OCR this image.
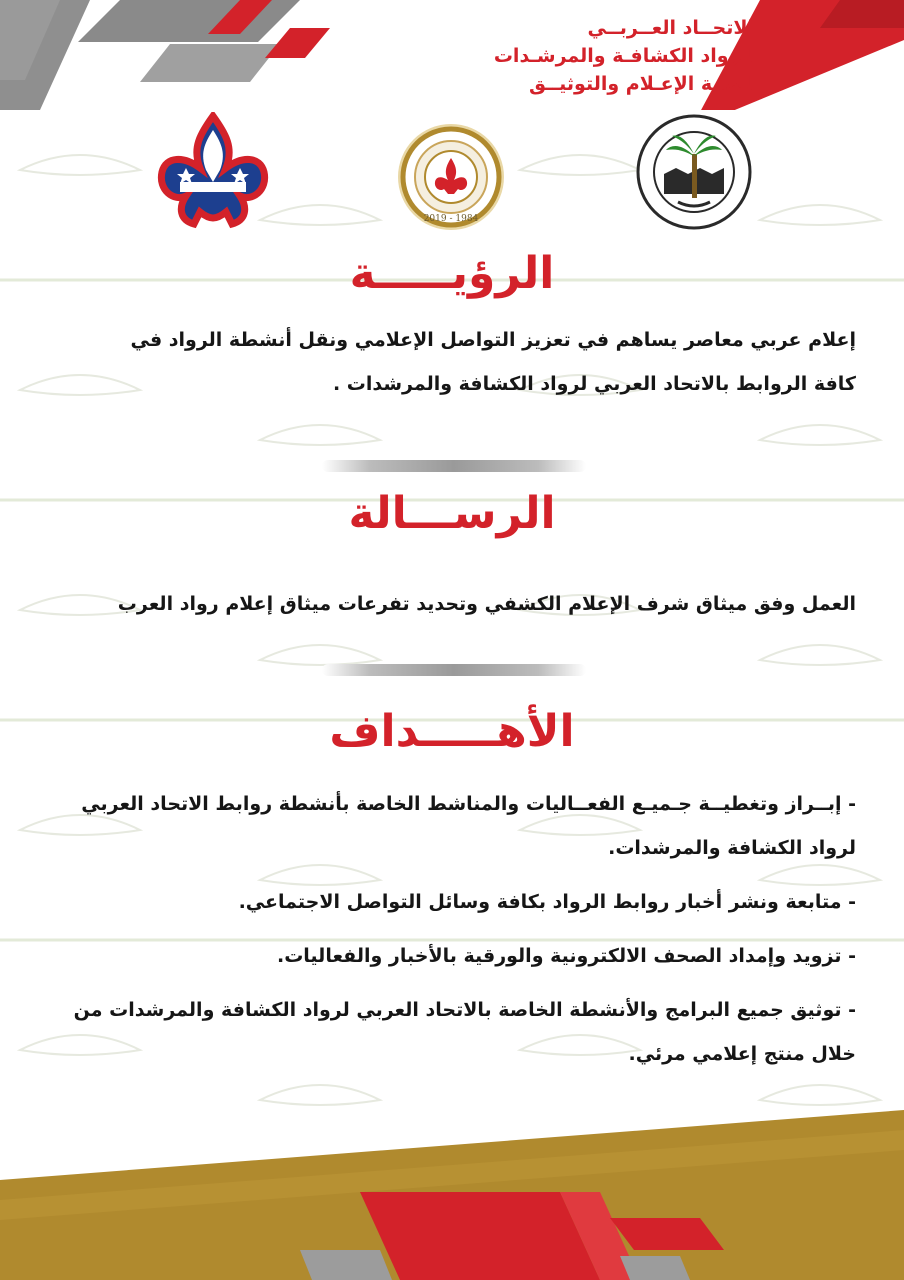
الاتحــاد العــربــي
لـرواد الكشافـة والمرشـدات
لـجنـة الإعـلام والتوثيــق
2019 - 1984
الرؤيـــــة
إعلام عربي معاصر يساهم في تعزيز التواصل الإعلامي ونقل أنشطة الرواد في
كافة الروابط بالاتحاد العربي لرواد الكشافة والمرشدات .
الرســـالة
العمل وفق ميثاق شرف الإعلام الكشفي وتحديد تفرعات ميثاق إعلام رواد العرب
الأهـــــداف
- إبــراز وتغطيــة جـميـع الفعــاليات والمناشط الخاصة بأنشطة روابط الاتحاد العربي لرواد الكشافة والمرشدات.
- متابعة ونشر أخبار روابط الرواد بكافة وسائل التواصل الاجتماعي.
- تزويد وإمداد الصحف الالكترونية والورقية بالأخبار والفعاليات.
- توثيق جميع البرامج والأنشطة الخاصة بالاتحاد العربي لرواد الكشافة والمرشدات من خلال منتج إعلامي مرئي.
